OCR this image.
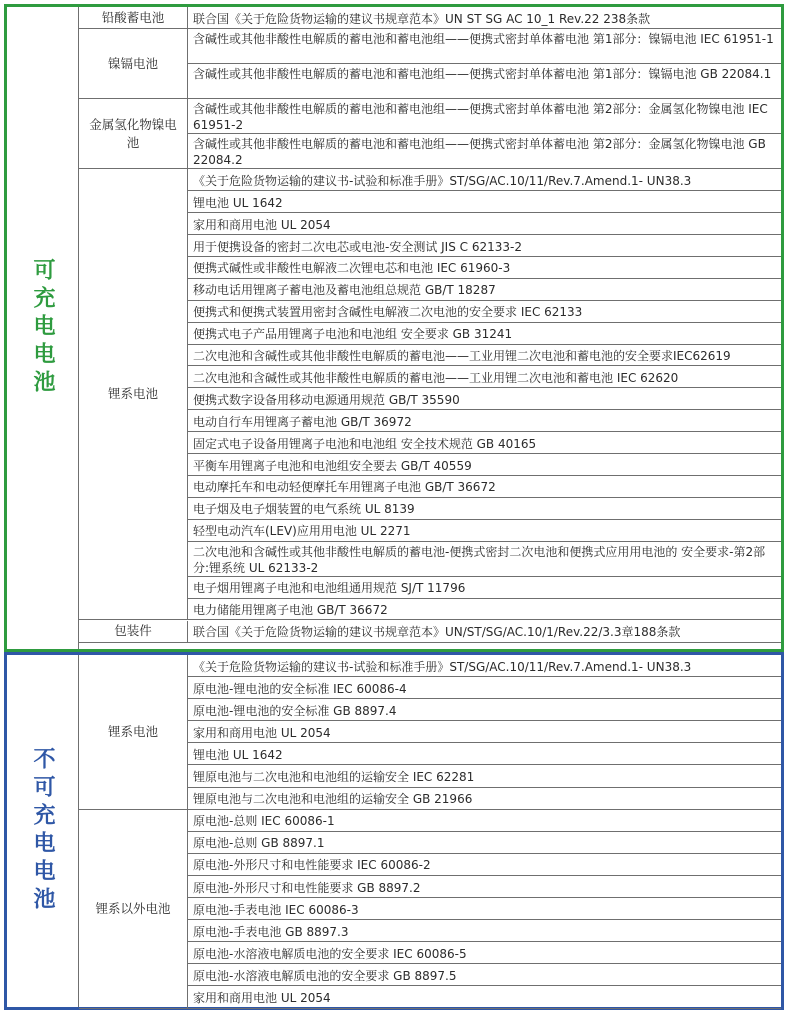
可充电电池
联合国《关于危险货物运输的建议书规章范本》UN ST SG AC 10_1 Rev.22 238条款
铅酸蓄电池
含碱性或其他非酸性电解质的蓄电池和蓄电池组——便携式密封单体蓄电池 第1部分：镍镉电池 IEC 61951-1
含碱性或其他非酸性电解质的蓄电池和蓄电池组——便携式密封单体蓄电池 第1部分：镍镉电池 GB 22084.1
镍镉电池
含碱性或其他非酸性电解质的蓄电池和蓄电池组——便携式密封单体蓄电池 第2部分：金属氢化物镍电池 IEC 61951-2
含碱性或其他非酸性电解质的蓄电池和蓄电池组——便携式密封单体蓄电池 第2部分：金属氢化物镍电池 GB 22084.2
金属氢化物镍电池
《关于危险货物运输的建议书-试验和标准手册》ST/SG/AC.10/11/Rev.7.Amend.1- UN38.3
锂电池 UL 1642
家用和商用电池 UL 2054
用于便携设备的密封二次电芯或电池-安全测试 JIS C 62133-2
便携式碱性或非酸性电解液二次锂电芯和电池 IEC 61960-3
移动电话用锂离子蓄电池及蓄电池组总规范 GB/T 18287
便携式和便携式装置用密封含碱性电解液二次电池的安全要求 IEC 62133
便携式电子产品用锂离子电池和电池组 安全要求 GB 31241
二次电池和含碱性或其他非酸性电解质的蓄电池——工业用锂二次电池和蓄电池的安全要求IEC62619
二次电池和含碱性或其他非酸性电解质的蓄电池——工业用锂二次电池和蓄电池 IEC 62620
便携式数字设备用移动电源通用规范 GB/T 35590
电动自行车用锂离子蓄电池 GB/T 36972
固定式电子设备用锂离子电池和电池组 安全技术规范 GB 40165
平衡车用锂离子电池和电池组安全要去 GB/T 40559
电动摩托车和电动轻便摩托车用锂离子电池 GB/T 36672
电子烟及电子烟装置的电气系统 UL 8139
轻型电动汽车(LEV)应用用电池 UL 2271
二次电池和含碱性或其他非酸性电解质的蓄电池-便携式密封二次电池和便携式应用用电池的 安全要求-第2部分:锂系统 UL 62133-2
电子烟用锂离子电池和电池组通用规范 SJ/T 11796
电力储能用锂离子电池 GB/T 36672
锂系电池
联合国《关于危险货物运输的建议书规章范本》UN/ST/SG/AC.10/1/Rev.22/3.3章188条款
包装件
不可充电电池
《关于危险货物运输的建议书-试验和标准手册》ST/SG/AC.10/11/Rev.7.Amend.1- UN38.3
原电池-锂电池的安全标准 IEC 60086-4
原电池-锂电池的安全标准 GB 8897.4
家用和商用电池 UL 2054
锂电池 UL 1642
锂原电池与二次电池和电池组的运输安全 IEC 62281
锂原电池与二次电池和电池组的运输安全 GB 21966
锂系电池
原电池-总则 IEC 60086-1
原电池-总则 GB 8897.1
原电池-外形尺寸和电性能要求 IEC 60086-2
原电池-外形尺寸和电性能要求 GB 8897.2
原电池-手表电池 IEC 60086-3
原电池-手表电池 GB 8897.3
原电池-水溶液电解质电池的安全要求 IEC 60086-5
原电池-水溶液电解质电池的安全要求 GB 8897.5
家用和商用电池 UL 2054
锂系以外电池
